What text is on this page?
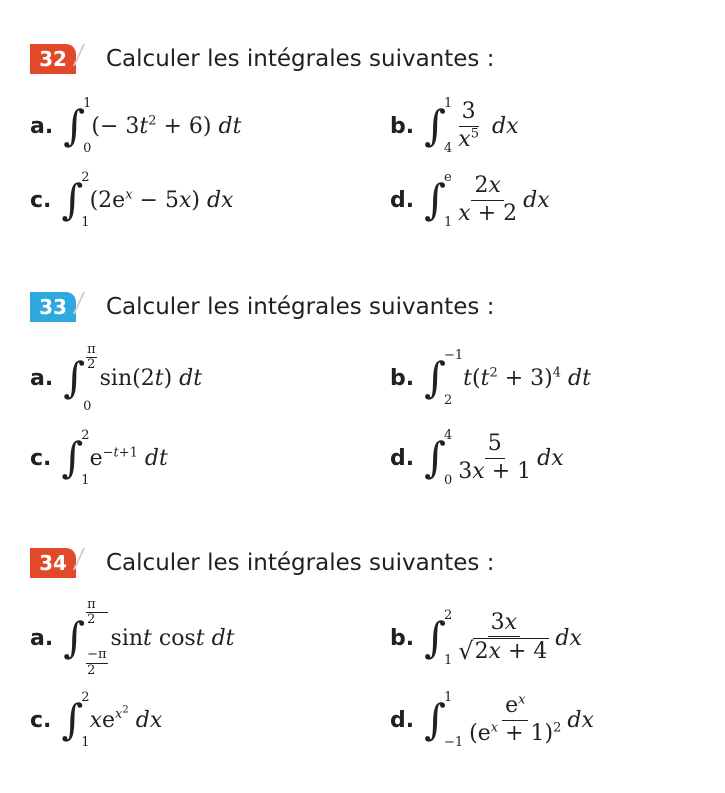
32	Calculer les intégrales suivantes :
a. ∫
1
0
(− $3t^2 + 6$) dt	b. ∫
1
$4 \frac{3}{x^5}$ dx
c. ∫
2
1
$(2e^x - 5x)$ dx	d. ∫
e
$1 \frac{2x}{x + 2}$ dx
33	Calculer les intégrales suivantes :
a. ∫ $\frac{\pi}{2}$
0
sin(2t) dt	b. ∫
−1
2
$t(t^2 + 3)^4$ dt
c. ∫
2
1
$e^{-t+1}$ dt	d. ∫
4
$0 \frac{5}{3x + 1}$ dx
34	Calculer les intégrales suivantes :
a. ∫
$\frac{\pi}{2}$
$\frac{-\pi}{2}$
sint cost dt	b. ∫
2
$1 \frac{3x}{√ 2x + 4}$ dx
c. ∫
2
1
$xe^{x^2}$ dx	d. ∫
1
$-1 \frac{e^x}{(e^x + 1)^2}$ dx
